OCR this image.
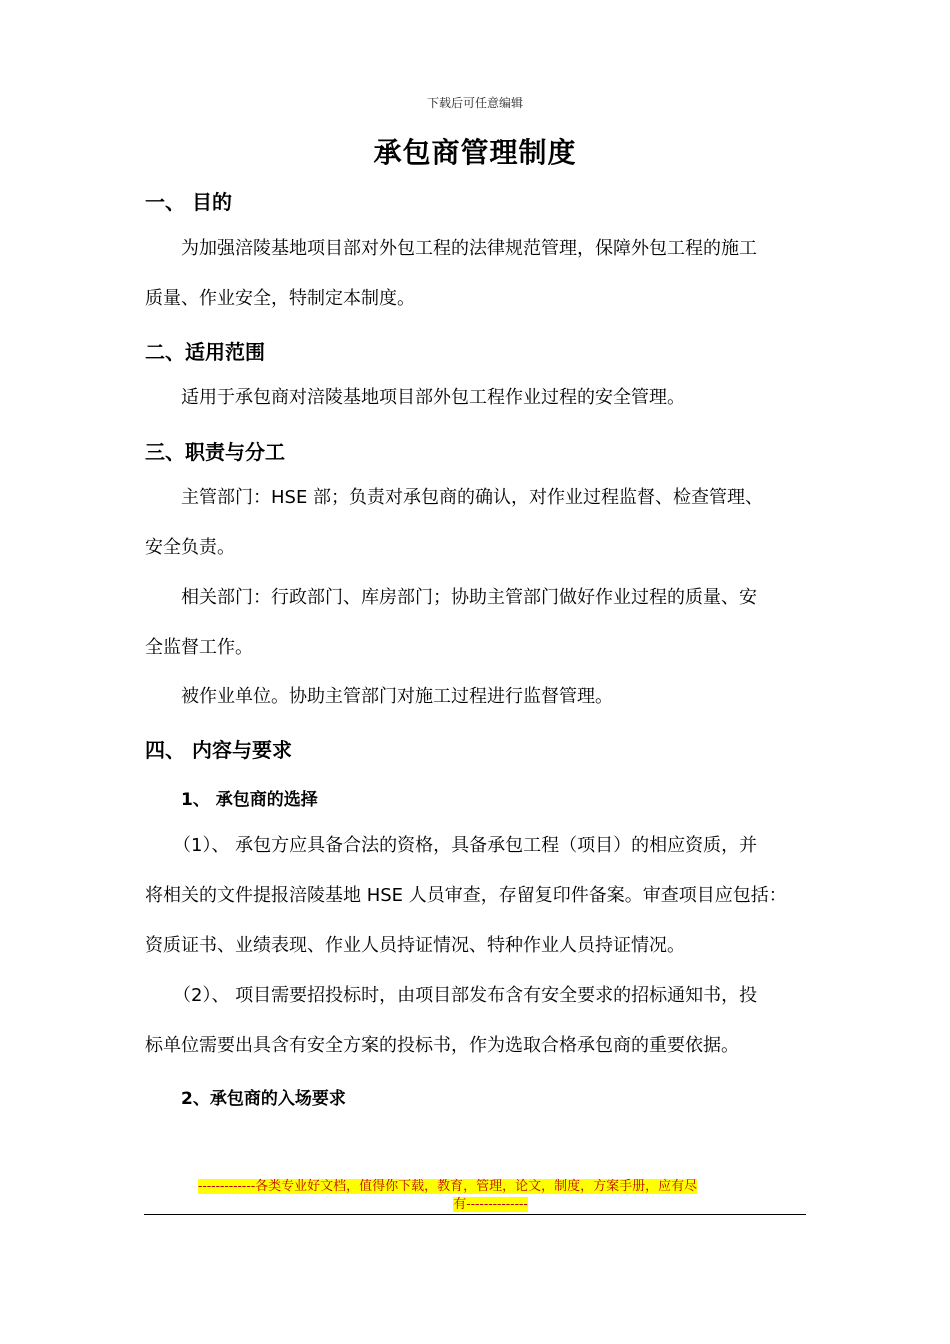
下载后可任意编辑
承包商管理制度
一、 目的
为加强涪陵基地项目部对外包工程的法律规范管理，保障外包工程的施工
质量、作业安全，特制定本制度。
二、适用范围
适用于承包商对涪陵基地项目部外包工程作业过程的安全管理。
三、职责与分工
主管部门：HSE 部；负责对承包商的确认，对作业过程监督、检查管理、
安全负责。
相关部门：行政部门、库房部门；协助主管部门做好作业过程的质量、安
全监督工作。
被作业单位。协助主管部门对施工过程进行监督管理。
四、 内容与要求
1、 承包商的选择
（1）、 承包方应具备合法的资格，具备承包工程（项目）的相应资质，并
将相关的文件提报涪陵基地 HSE 人员审查，存留复印件备案。审查项目应包括：
资质证书、业绩表现、作业人员持证情况、特种作业人员持证情况。
（2）、 项目需要招投标时，由项目部发布含有安全要求的招标通知书，投
标单位需要出具含有安全方案的投标书，作为选取合格承包商的重要依据。
2、承包商的入场要求
-------------各类专业好文档，值得你下载，教育，管理，论文，制度，方案手册，应有尽

有--------------
